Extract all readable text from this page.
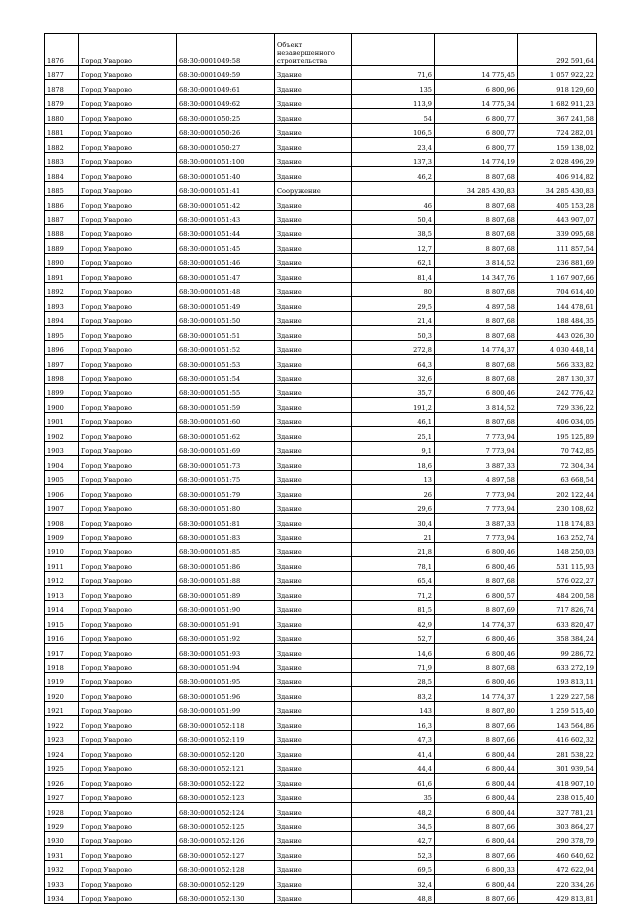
1876	Город Уварово	68:30:0001049:58	Объект незавершенного строительства			292 591,64
1877	Город Уварово	68:30:0001049:59	Здание	71,6	14 775,45	1 057 922,22
1878	Город Уварово	68:30:0001049:61	Здание	135	6 800,96	918 129,60
1879	Город Уварово	68:30:0001049:62	Здание	113,9	14 775,34	1 682 911,23
1880	Город Уварово	68:30:0001050:25	Здание	54	6 800,77	367 241,58
1881	Город Уварово	68:30:0001050:26	Здание	106,5	6 800,77	724 282,01
1882	Город Уварово	68:30:0001050:27	Здание	23,4	6 800,77	159 138,02
1883	Город Уварово	68:30:0001051:100	Здание	137,3	14 774,19	2 028 496,29
1884	Город Уварово	68:30:0001051:40	Здание	46,2	8 807,68	406 914,82
1885	Город Уварово	68:30:0001051:41	Сооружение		34 285 430,83	34 285 430,83
1886	Город Уварово	68:30:0001051:42	Здание	46	8 807,68	405 153,28
1887	Город Уварово	68:30:0001051:43	Здание	50,4	8 807,68	443 907,07
1888	Город Уварово	68:30:0001051:44	Здание	38,5	8 807,68	339 095,68
1889	Город Уварово	68:30:0001051:45	Здание	12,7	8 807,68	111 857,54
1890	Город Уварово	68:30:0001051:46	Здание	62,1	3 814,52	236 881,69
1891	Город Уварово	68:30:0001051:47	Здание	81,4	14 347,76	1 167 907,66
1892	Город Уварово	68:30:0001051:48	Здание	80	8 807,68	704 614,40
1893	Город Уварово	68:30:0001051:49	Здание	29,5	4 897,58	144 478,61
1894	Город Уварово	68:30:0001051:50	Здание	21,4	8 807,68	188 484,35
1895	Город Уварово	68:30:0001051:51	Здание	50,3	8 807,68	443 026,30
1896	Город Уварово	68:30:0001051:52	Здание	272,8	14 774,37	4 030 448,14
1897	Город Уварово	68:30:0001051:53	Здание	64,3	8 807,68	566 333,82
1898	Город Уварово	68:30:0001051:54	Здание	32,6	8 807,68	287 130,37
1899	Город Уварово	68:30:0001051:55	Здание	35,7	6 800,46	242 776,42
1900	Город Уварово	68:30:0001051:59	Здание	191,2	3 814,52	729 336,22
1901	Город Уварово	68:30:0001051:60	Здание	46,1	8 807,68	406 034,05
1902	Город Уварово	68:30:0001051:62	Здание	25,1	7 773,94	195 125,89
1903	Город Уварово	68:30:0001051:69	Здание	9,1	7 773,94	70 742,85
1904	Город Уварово	68:30:0001051:73	Здание	18,6	3 887,33	72 304,34
1905	Город Уварово	68:30:0001051:75	Здание	13	4 897,58	63 668,54
1906	Город Уварово	68:30:0001051:79	Здание	26	7 773,94	202 122,44
1907	Город Уварово	68:30:0001051:80	Здание	29,6	7 773,94	230 108,62
1908	Город Уварово	68:30:0001051:81	Здание	30,4	3 887,33	118 174,83
1909	Город Уварово	68:30:0001051:83	Здание	21	7 773,94	163 252,74
1910	Город Уварово	68:30:0001051:85	Здание	21,8	6 800,46	148 250,03
1911	Город Уварово	68:30:0001051:86	Здание	78,1	6 800,46	531 115,93
1912	Город Уварово	68:30:0001051:88	Здание	65,4	8 807,68	576 022,27
1913	Город Уварово	68:30:0001051:89	Здание	71,2	6 800,57	484 200,58
1914	Город Уварово	68:30:0001051:90	Здание	81,5	8 807,69	717 826,74
1915	Город Уварово	68:30:0001051:91	Здание	42,9	14 774,37	633 820,47
1916	Город Уварово	68:30:0001051:92	Здание	52,7	6 800,46	358 384,24
1917	Город Уварово	68:30:0001051:93	Здание	14,6	6 800,46	99 286,72
1918	Город Уварово	68:30:0001051:94	Здание	71,9	8 807,68	633 272,19
1919	Город Уварово	68:30:0001051:95	Здание	28,5	6 800,46	193 813,11
1920	Город Уварово	68:30:0001051:96	Здание	83,2	14 774,37	1 229 227,58
1921	Город Уварово	68:30:0001051:99	Здание	143	8 807,80	1 259 515,40
1922	Город Уварово	68:30:0001052:118	Здание	16,3	8 807,66	143 564,86
1923	Город Уварово	68:30:0001052:119	Здание	47,3	8 807,66	416 602,32
1924	Город Уварово	68:30:0001052:120	Здание	41,4	6 800,44	281 538,22
1925	Город Уварово	68:30:0001052:121	Здание	44,4	6 800,44	301 939,54
1926	Город Уварово	68:30:0001052:122	Здание	61,6	6 800,44	418 907,10
1927	Город Уварово	68:30:0001052:123	Здание	35	6 800,44	238 015,40
1928	Город Уварово	68:30:0001052:124	Здание	48,2	6 800,44	327 781,21
1929	Город Уварово	68:30:0001052:125	Здание	34,5	8 807,66	303 864,27
1930	Город Уварово	68:30:0001052:126	Здание	42,7	6 800,44	290 378,79
1931	Город Уварово	68:30:0001052:127	Здание	52,3	8 807,66	460 640,62
1932	Город Уварово	68:30:0001052:128	Здание	69,5	6 800,33	472 622,94
1933	Город Уварово	68:30:0001052:129	Здание	32,4	6 800,44	220 334,26
1934	Город Уварово	68:30:0001052:130	Здание	48,8	8 807,66	429 813,81
